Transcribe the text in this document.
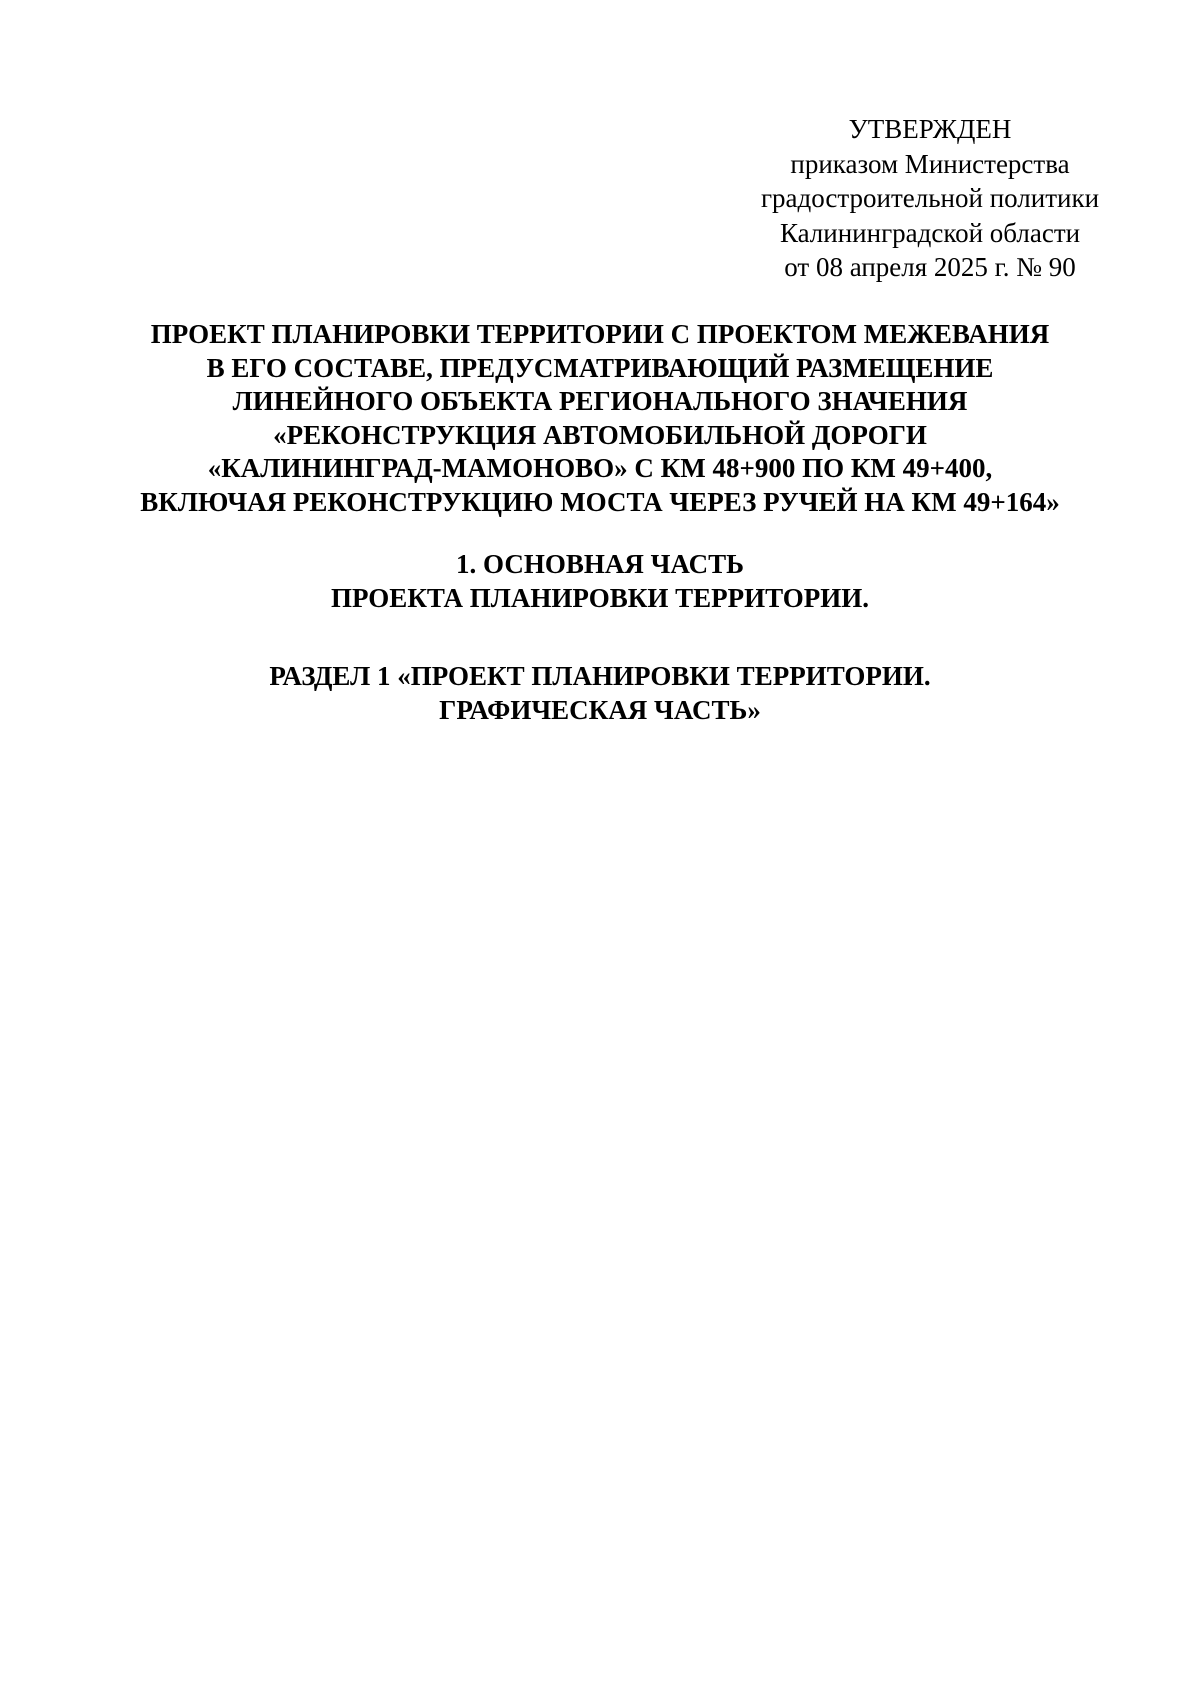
УТВЕРЖДЕН
приказом Министерства
градостроительной политики
Калининградской области
от 08 апреля 2025 г. № 90
ПРОЕКТ ПЛАНИРОВКИ ТЕРРИТОРИИ С ПРОЕКТОМ МЕЖЕВАНИЯ
В ЕГО СОСТАВЕ, ПРЕДУСМАТРИВАЮЩИЙ РАЗМЕЩЕНИЕ
ЛИНЕЙНОГО ОБЪЕКТА РЕГИОНАЛЬНОГО ЗНАЧЕНИЯ
«РЕКОНСТРУКЦИЯ АВТОМОБИЛЬНОЙ ДОРОГИ
«КАЛИНИНГРАД-МАМОНОВО» С КМ 48+900 ПО КМ 49+400,
ВКЛЮЧАЯ РЕКОНСТРУКЦИЮ МОСТА ЧЕРЕЗ РУЧЕЙ НА КМ 49+164»
1. ОСНОВНАЯ ЧАСТЬ
ПРОЕКТА ПЛАНИРОВКИ ТЕРРИТОРИИ.
РАЗДЕЛ 1 «ПРОЕКТ ПЛАНИРОВКИ ТЕРРИТОРИИ.
ГРАФИЧЕСКАЯ ЧАСТЬ»
